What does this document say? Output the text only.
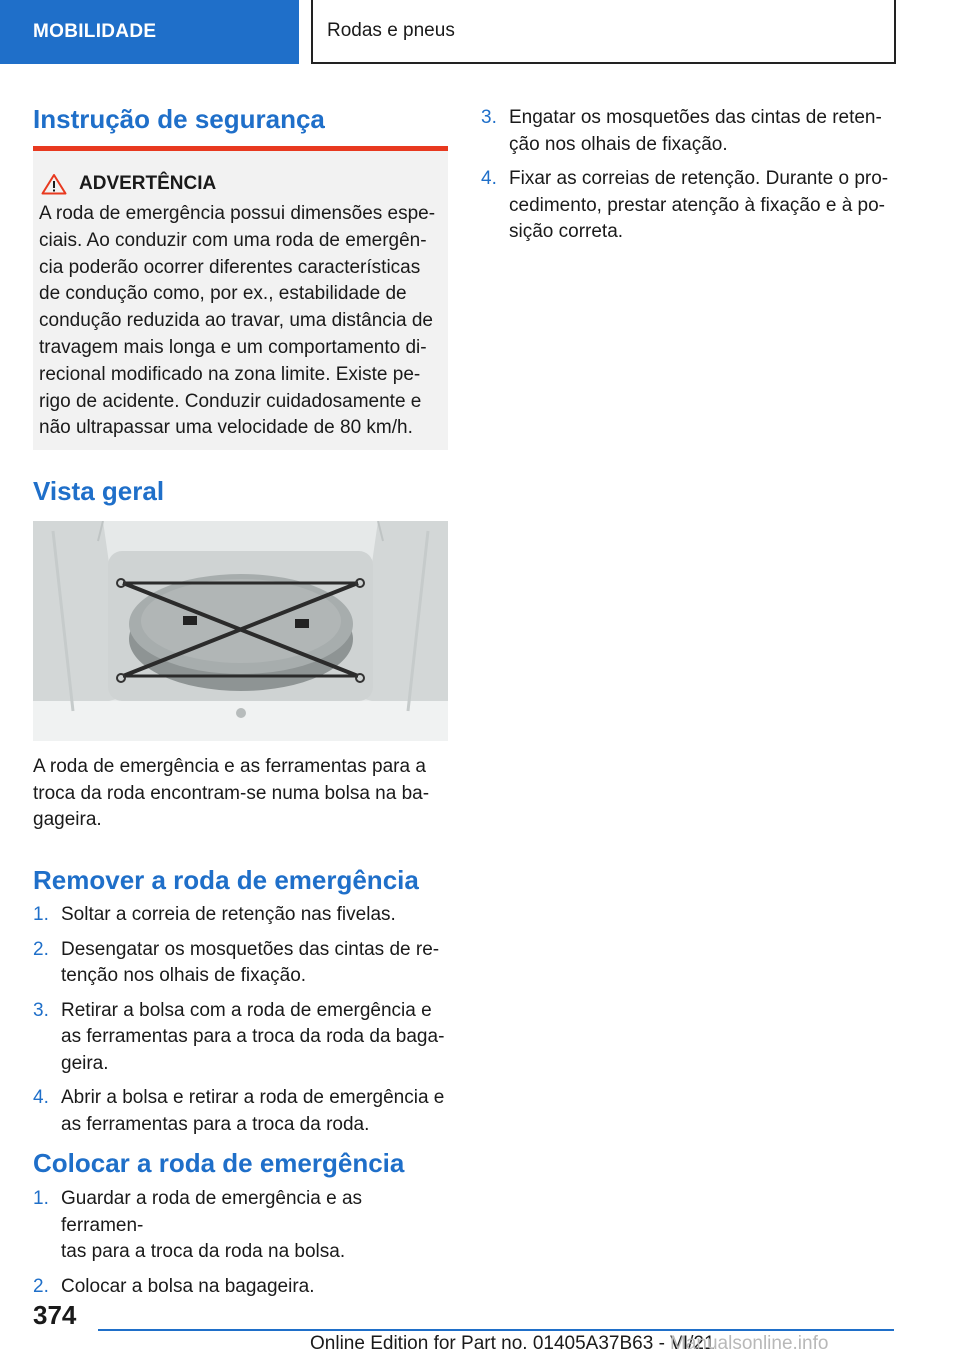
MOBILIDADE	Rodas e pneus
Instrução de segurança
ADVERTÊNCIA
A roda de emergência possui dimensões espe-
ciais. Ao conduzir com uma roda de emergên-
cia poderão ocorrer diferentes características
de condução como, por ex., estabilidade de
condução reduzida ao travar, uma distância de
travagem mais longa e um comportamento di-
recional modificado na zona limite. Existe pe-
rigo de acidente. Conduzir cuidadosamente e
não ultrapassar uma velocidade de 80 km/h.
Vista geral
A roda de emergência e as ferramentas para a
troca da roda encontram-se numa bolsa na ba-
gageira.
Remover a roda de emergência
1. Soltar a correia de retenção nas fivelas.
2. Desengatar os mosquetões das cintas de re-
tenção nos olhais de fixação.
3. Retirar a bolsa com a roda de emergência e
as ferramentas para a troca da roda da baga-
geira.
4. Abrir a bolsa e retirar a roda de emergência e
as ferramentas para a troca da roda.
Colocar a roda de emergência
1. Guardar a roda de emergência e as ferramen-
tas para a troca da roda na bolsa.
2. Colocar a bolsa na bagageira.
3. Engatar os mosquetões das cintas de reten-
ção nos olhais de fixação.
4. Fixar as correias de retenção. Durante o pro-
cedimento, prestar atenção à fixação e à po-
sição correta.
374
Online Edition for Part no. 01405A37B63 - VI/21
Manualsonline.info
